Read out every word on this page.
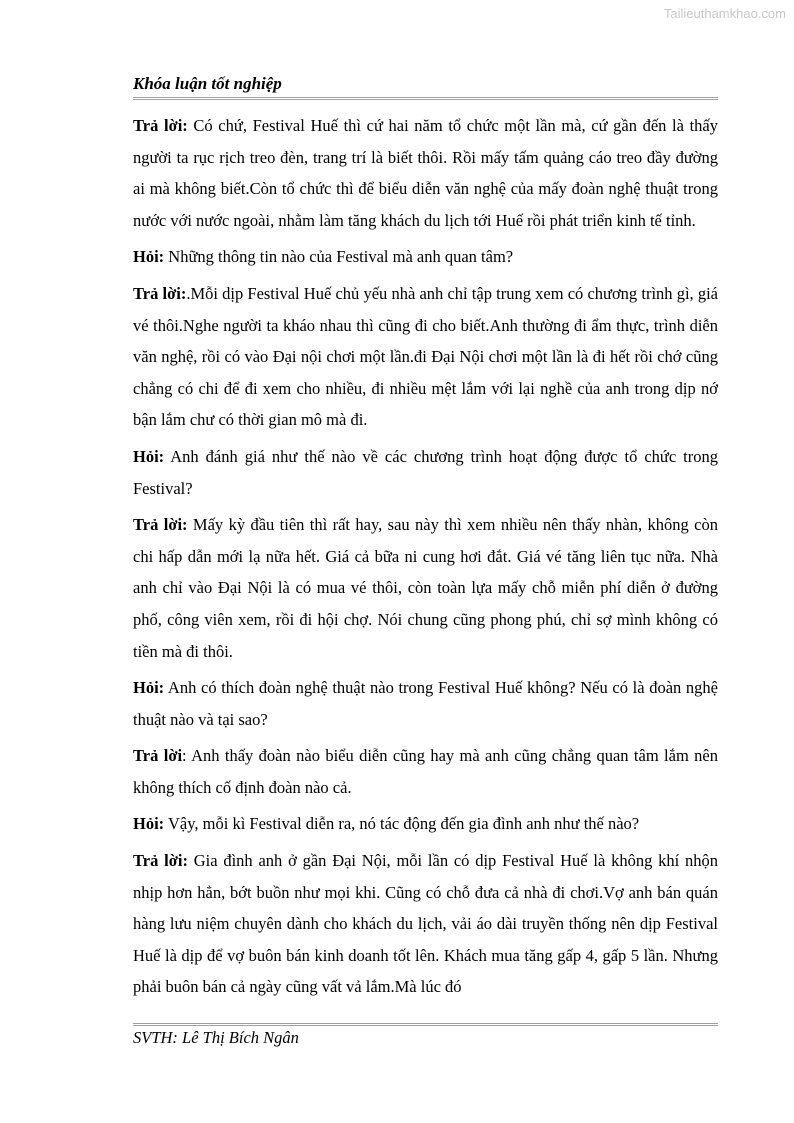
Tailieuthamkhao.com
Khóa luận tốt nghiệp

Trả lời: Có chứ, Festival Huế thì cứ hai năm tổ chức một lần mà, cứ gần đến là thấy người ta rục rịch treo đèn, trang trí là biết thôi. Rồi mấy tấm quảng cáo treo đầy đường ai mà không biết.Còn tổ chức thì để biểu diễn văn nghệ của mấy đoàn nghệ thuật trong nước với nước ngoài, nhằm làm tăng khách du lịch tới Huế rồi phát triển kinh tế tỉnh.

Hỏi: Những thông tin nào của Festival mà anh quan tâm?

Trả lời:.Mỗi dịp Festival Huế chủ yếu nhà anh chỉ tập trung xem có chương trình gì, giá vé thôi.Nghe người ta kháo nhau thì cũng đi cho biết.Anh thường đi ẩm thực, trình diễn văn nghệ, rồi có vào Đại nội chơi một lần.đi Đại Nội chơi một lần là đi hết rồi chớ cũng chẳng có chi để đi xem cho nhiều, đi nhiều mệt lắm với lại nghề của anh trong dịp nớ bận lắm chư có thời gian mô mà đi.

Hỏi: Anh đánh giá như thế nào về các chương trình hoạt động được tổ chức trong Festival?

Trả lời: Mấy kỳ đầu tiên thì rất hay, sau này thì xem nhiều nên thấy nhàn, không còn chi hấp dẫn mới lạ nữa hết. Giá cả bữa ni cung hơi đắt. Giá vé tăng liên tục nữa. Nhà anh chỉ vào Đại Nội là có mua vé thôi, còn toàn lựa mấy chỗ miễn phí diễn ở đường phố, công viên xem, rồi đi hội chợ. Nói chung cũng phong phú, chỉ sợ mình không có tiền mà đi thôi.

Hỏi: Anh có thích đoàn nghệ thuật nào trong Festival Huế không? Nếu có là đoàn nghệ thuật nào và tại sao?

Trả lời: Anh thấy đoàn nào biểu diễn cũng hay mà anh cũng chẳng quan tâm lắm nên không thích cố định đoàn nào cả.

Hỏi: Vậy, mỗi kì Festival diễn ra, nó tác động đến gia đình anh như thế nào?

Trả lời: Gia đình anh ở gần Đại Nội, mỗi lần có dịp Festival Huế là không khí nhộn nhịp hơn hẳn, bớt buồn như mọi khi. Cũng có chỗ đưa cả nhà đi chơi.Vợ anh bán quán hàng lưu niệm chuyên dành cho khách du lịch, vải áo dài truyền thống nên dịp Festival Huế là dịp để vợ buôn bán kinh doanh tốt lên. Khách mua tăng gấp 4, gấp 5 lần. Nhưng phải buôn bán cả ngày cũng vất vả lắm.Mà lúc đó

SVTH: Lê Thị Bích Ngân
